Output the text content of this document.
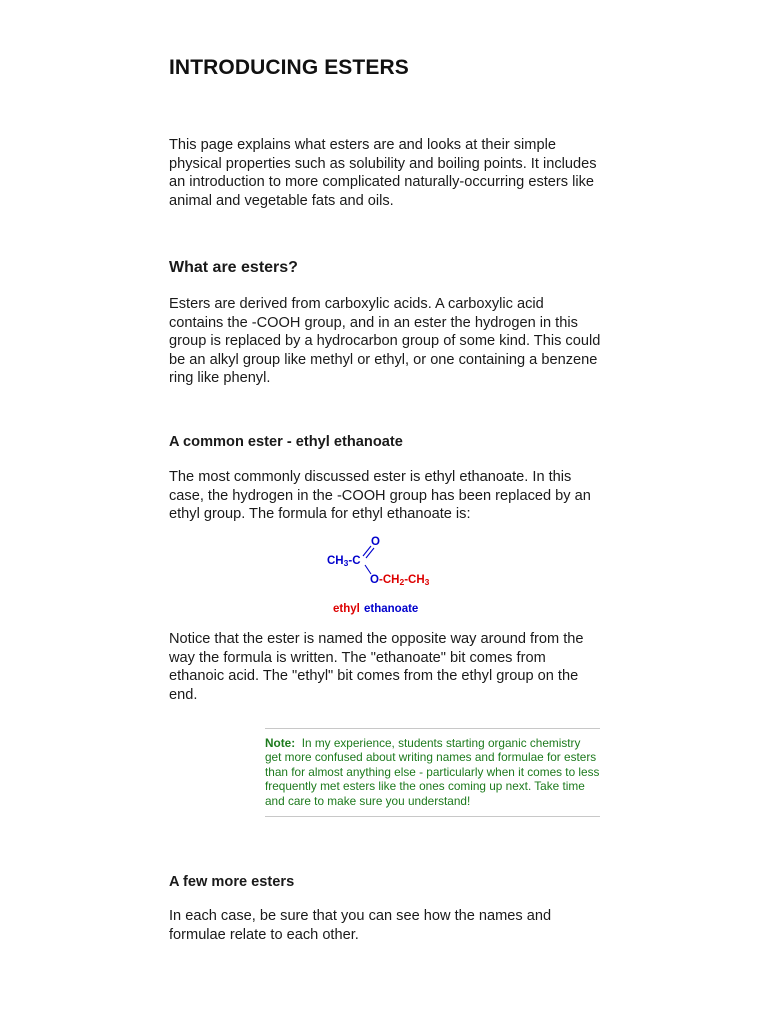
INTRODUCING ESTERS

This page explains what esters are and looks at their simple physical properties such as solubility and boiling points. It includes an introduction to more complicated naturally-occurring esters like animal and vegetable fats and oils.

What are esters?

Esters are derived from carboxylic acids. A carboxylic acid contains the -COOH group, and in an ester the hydrogen in this group is replaced by a hydrocarbon group of some kind. This could be an alkyl group like methyl or ethyl, or one containing a benzene ring like phenyl.

A common ester - ethyl ethanoate

The most commonly discussed ester is ethyl ethanoate. In this case, the hydrogen in the -COOH group has been replaced by an ethyl group. The formula for ethyl ethanoate is:

CH3-C
O
O -CH2-CH3
ethyl ethanoate

Notice that the ester is named the opposite way around from the way the formula is written. The "ethanoate" bit comes from ethanoic acid. The "ethyl" bit comes from the ethyl group on the end.

Note: In my experience, students starting organic chemistry get more confused about writing names and formulae for esters than for almost anything else - particularly when it comes to less frequently met esters like the ones coming up next. Take time and care to make sure you understand!
A few more esters

In each case, be sure that you can see how the names and formulae relate to each other.
